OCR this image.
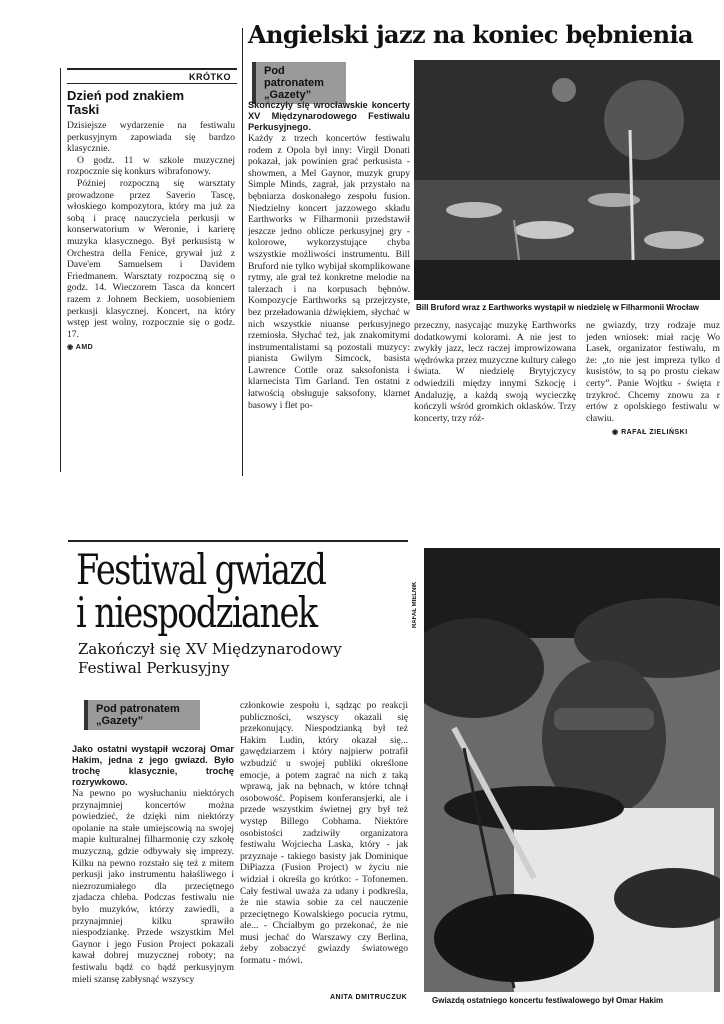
Angielski jazz na koniec bębnienia
Pod patronatem „Gazety”

Skończyły się wrocławskie koncerty XV Międzynarodowego Festiwalu Perkusyjnego.

Każdy z trzech koncertów festiwalu rodem z Opola był inny: Virgil Donati pokazał, jak powinien grać perkusista - showmen, a Mel Gaynor, muzyk grupy Simple Minds, zagrał, jak przystało na bębniarza doskonałego zespołu fusion. Niedzielny koncert jazzowego składu Earthworks w Filharmonii przedstawił jeszcze jedno oblicze perkusyjnej gry - kolorowe, wykorzystujące chyba wszystkie możliwości instrumentu. Bill Bruford nie tylko wybijał skomplikowane rytmy, ale grał też konkretne melodie na talerzach i na korpusach bębnów. Kompozycje Earthworks są przejrzyste, bez przeładowania dźwiękiem, słychać w nich wszystkie niuanse perkusyjnego rzemiosła. Słychać też, jak znakomitymi instrumentalistami są pozostali muzycy: pianista Gwilym Simcock, basista Lawrence Cottle oraz saksofonista i klarnecista Tim Garland. Ten ostatni z łatwością obsługuje saksofony, klarnet basowy i flet po-

Bill Bruford wraz z Earthworks wystąpił w niedzielę w Filharmonii Wrocław

przeczny, nasycając muzykę Earthworks dodatkowymi kolorami. A nie jest to zwykły jazz, lecz raczej improwizowana wędrówka przez muzyczne kultury całego świata. W niedzielę Brytyjczycy odwiedzili między innymi Szkocję i Andaluzję, a każdą swoją wycieczkę kończyli wśród gromkich oklasków. Trzy koncerty, trzy róż-

ne gwiazdy, trzy rodzaje muz jeden wniosek: miał rację Wo Lasek, organizator festiwalu, m że: „to nie jest impreza tylko d kusistów, to są po prostu ciekaw certy”. Panie Wojtku - święta r trzykroć. Chcemy znowu za r ertów z opolskiego festiwalu w cławiu.

◉ RAFAŁ ZIELIŃSKI
KRÓTKO
Dzień pod znakiem Taski

Dzisiejsze wydarzenie na festiwalu perkusyjnym zapowiada się bardzo klasycznie.

O godz. 11 w szkole muzycznej rozpocznie się konkurs wibrafonowy.

Później rozpoczną się warsztaty prowadzone przez Saverio Tascę, włoskiego kompozytora, który ma już za sobą i pracę nauczyciela perkusji w konserwatorium w Weronie, i karierę muzyka klasycznego. Był perkusistą w Orchestra della Fenice, grywał już z Dave'em Samuelsem i Davidem Friedmanem. Warsztaty rozpoczną się o godz. 14. Wieczorem Tasca da koncert razem z Johnem Beckiem, uosobieniem perkusji klasycznej. Koncert, na który wstęp jest wolny, rozpocznie się o godz. 17.

◉ AMD
Festiwal gwiazd
i niespodzianek
Zakończył się XV Międzynarodowy Festiwal Perkusyjny
Pod patronatem „Gazety”

Jako ostatni wystąpił wczoraj Omar Hakim, jedna z jego gwiazd. Było trochę klasycznie, trochę rozrywkowo.

Na pewno po wysłuchaniu niektórych przynajmniej koncertów można powiedzieć, że dzięki nim niektórzy opolanie na stałe umiejscowią na swojej mapie kulturalnej filharmonię czy szkołę muzyczną, gdzie odbywały się imprezy. Kilku na pewno rozstało się też z mitem perkusji jako instrumentu hałaśliwego i niezrozumiałego dla przeciętnego zjadacza chleba. Podczas festiwalu nie było muzyków, którzy zawiedli, a przynajmniej kilku sprawiło niespodziankę. Przede wszystkim Mel Gaynor i jego Fusion Project pokazali kawał dobrej muzycznej roboty; na festiwalu bądź co bądź perkusyjnym mieli szansę zabłysnąć wszyscy

członkowie zespołu i, sądząc po reakcji publiczności, wszyscy okazali się przekonujący. Niespodzianką był też Hakim Ludin, który okazał się... gawędziarzem i który najpierw potrafił wzbudzić u swojej publiki określone emocje, a potem zagrać na nich z taką wprawą, jak na bębnach, w które tchnął osobowość. Popisem konferansjerki, ale i przede wszystkim świetnej gry był też występ Billego Cobhama. Niektóre osobistości zadziwiły organizatora festiwalu Wojciecha Laska, który - jak przyznaje - takiego basisty jak Dominique DiPiazza (Fusion Project) w życiu nie widział i określa go krótko: - Tofonemen. Cały festiwal uważa za udany i podkreśla, że nie stawia sobie za cel nauczenie przeciętnego Kowalskiego pocucia rytmu, ale... - Chciałbym go przekonać, że nie musi jechać do Warszawy czy Berlina, żeby zobaczyć gwiazdy światowego formatu - mówi.

ANITA DMITRUCZUK
RAFAŁ MIELNIK
Gwiazdą ostatniego koncertu festiwalowego był Omar Hakim
